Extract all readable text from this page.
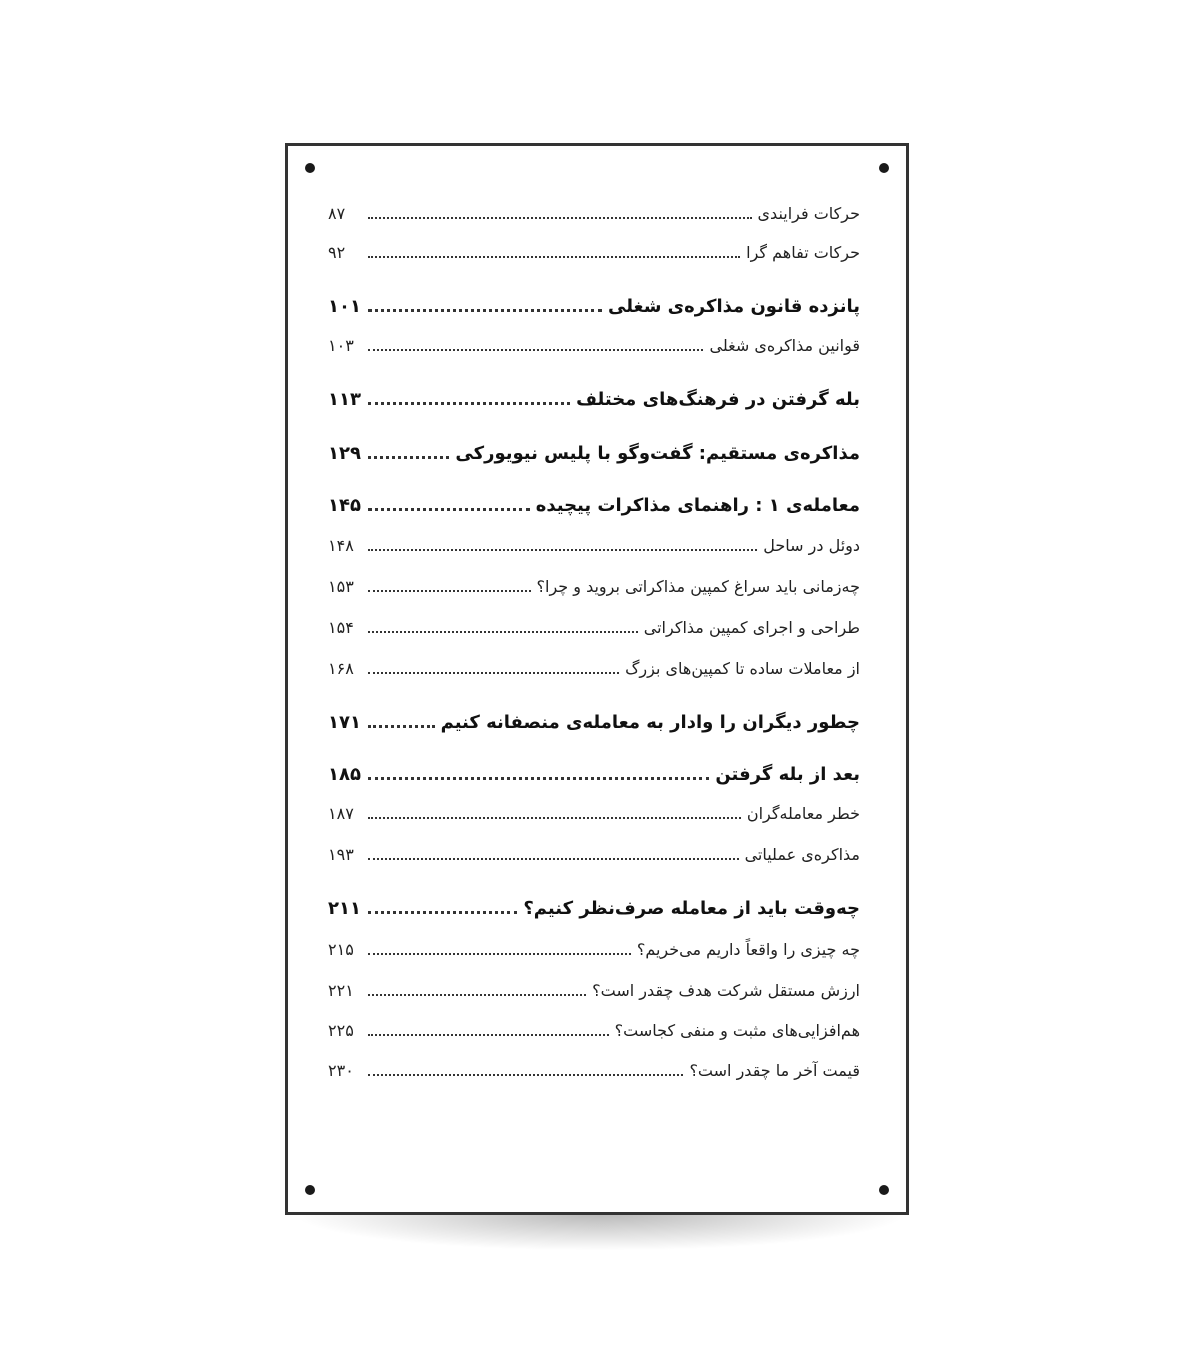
حرکات فرایندی
۸۷
حرکات تفاهم گرا
۹۲
پانزده قانون مذاکره‌ی شغلی
۱۰۱
قوانین مذاکره‌ی شغلی
۱۰۳
بله گرفتن در فرهنگ‌های مختلف
۱۱۳
مذاکره‌ی مستقیم: گفت‌وگو با پلیس نیویورکی
۱۲۹
معامله‌ی ۱ : راهنمای مذاکرات پیچیده
۱۴۵
دوئل در ساحل
۱۴۸
چه‌زمانی باید سراغ کمپین مذاکراتی بروید و چرا؟
۱۵۳
طراحی و اجرای کمپین مذاکراتی
۱۵۴
از معاملات ساده تا کمپین‌های بزرگ
۱۶۸
چطور دیگران را وادار به معامله‌ی منصفانه کنیم
۱۷۱
بعد از بله گرفتن
۱۸۵
خطر معامله‌گران
۱۸۷
مذاکره‌ی عملیاتی
۱۹۳
چه‌وقت باید از معامله صرف‌نظر کنیم؟
۲۱۱
چه چیزی را واقعاً داریم می‌خریم؟
۲۱۵
ارزش مستقل شرکت هدف چقدر است؟
۲۲۱
هم‌افزایی‌های مثبت و منفی کجاست؟
۲۲۵
قیمت آخر ما چقدر است؟
۲۳۰
